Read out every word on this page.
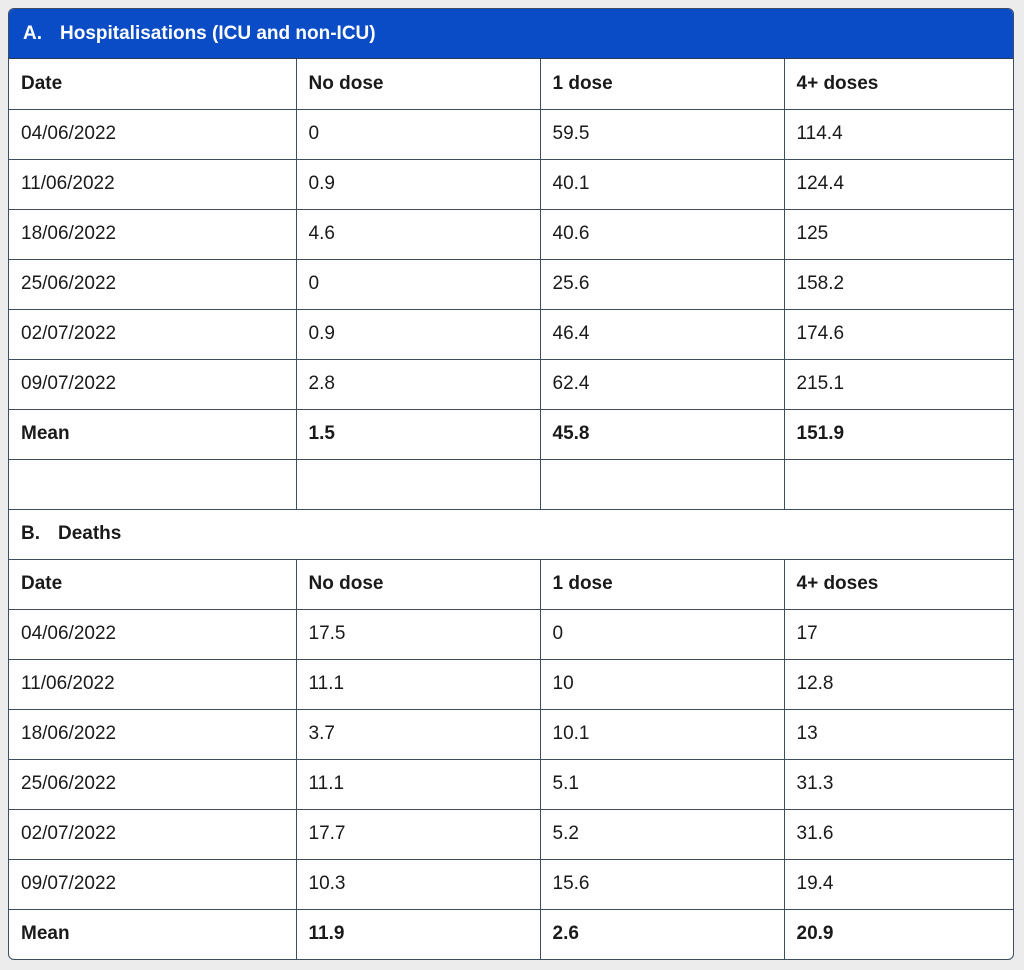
A. Hospitalisations (ICU and non-ICU)
Date	No dose	1 dose	4+ doses
04/06/2022	0	59.5	114.4
11/06/2022	0.9	40.1	124.4
18/06/2022	4.6	40.6	125
25/06/2022	0	25.6	158.2
02/07/2022	0.9	46.4	174.6
09/07/2022	2.8	62.4	215.1
Mean	1.5	45.8	151.9

B. Deaths			
Date	No dose	1 dose	4+ doses
04/06/2022	17.5	0	17
11/06/2022	11.1	10	12.8
18/06/2022	3.7	10.1	13
25/06/2022	11.1	5.1	31.3
02/07/2022	17.7	5.2	31.6
09/07/2022	10.3	15.6	19.4
Mean	11.9	2.6	20.9
